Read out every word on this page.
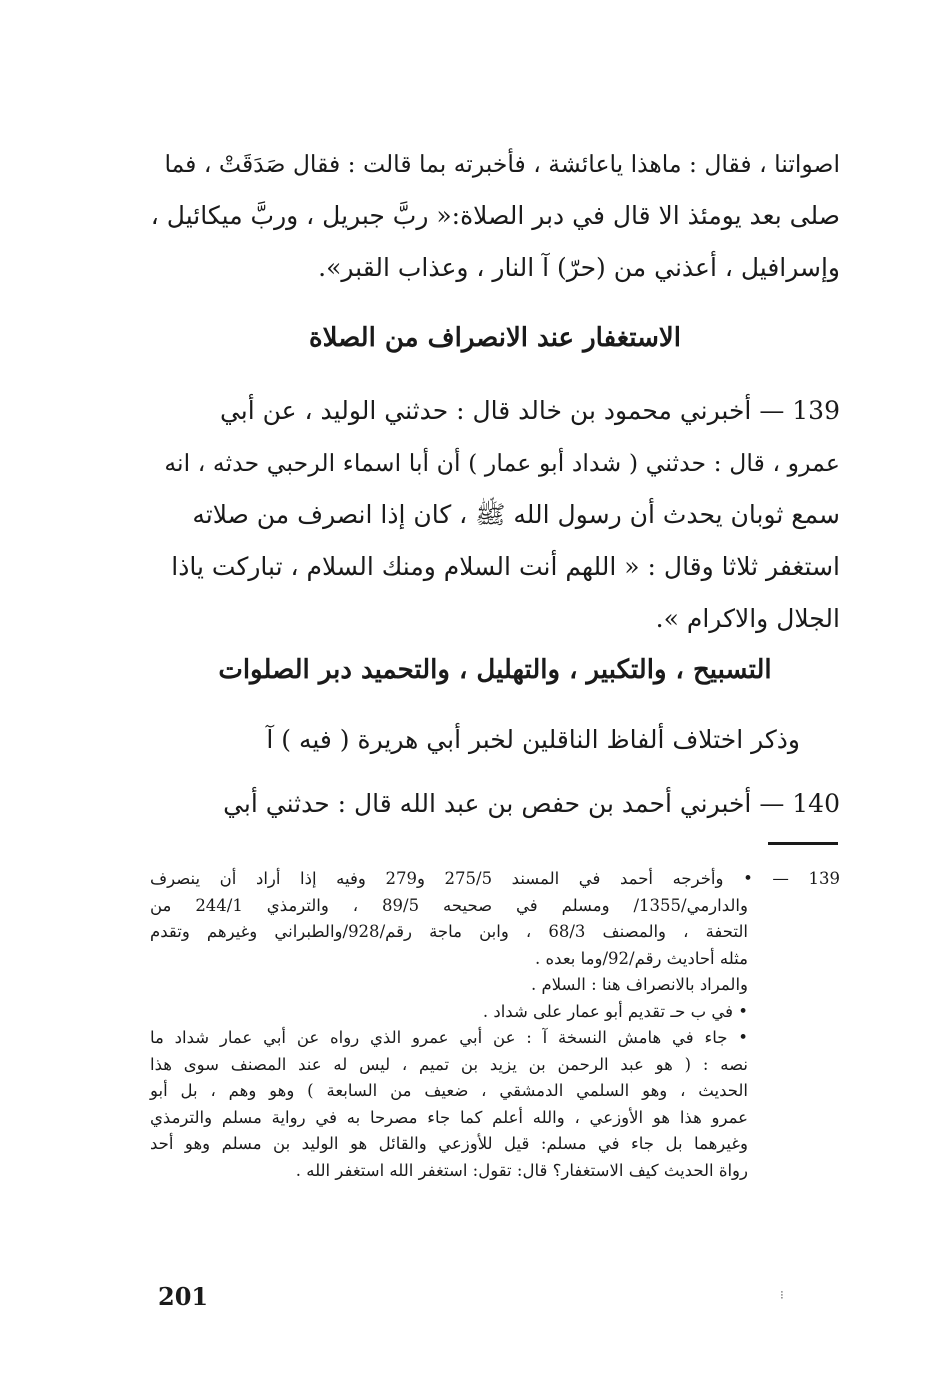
اصواتنا ، فقال : ماهذا ياعائشة ، فأخبرته بما قالت : فقال صَدَقَتْ ، فما
صلى بعد يومئذ الا قال في دبر الصلاة:« ربَّ جبريل ، وربَّ ميكائيل ،
وإسرافيل ، أعذني من (حرّ) آ النار ، وعذاب القبر».
الاستغفار عند الانصراف من الصلاة
139 — أخبرني محمود بن خالد قال : حدثني الوليد ، عن أبي
عمرو ، قال : حدثني ( شداد أبو عمار ) أن أبا اسماء الرحبي حدثه ، انه
سمع ثوبان يحدث أن رسول الله ﷺ ، كان إذا انصرف من صلاته
استغفر ثلاثا وقال : « اللهم أنت السلام ومنك السلام ، تباركت ياذا
الجلال والاكرام ».
التسبيح ، والتكبير ، والتهليل ، والتحميد دبر الصلوات
وذكر اختلاف ألفاظ الناقلين لخبر أبي هريرة ( فيه ) آ
140 — أخبرني أحمد بن حفص بن عبد الله قال : حدثني أبي
139 — • وأخرجه أحمد في المسند 275/5 و279 وفيه إذا أراد أن ينصرف
والدارمي/1355/ ومسلم في صحيحه 89/5 ، والترمذي 244/1 من
التحفة ، والمصنف 68/3 ، وابن ماجة رقم/928/والطبراني وغيرهم وتقدم
مثله أحاديث رقم/92/وما بعده .
والمراد بالانصراف هنا : السلام .
• في ب حـ تقديم أبو عمار على شداد .
• جاء في هامش النسخة آ : عن أبي عمرو الذي رواه عن أبي عمار شداد ما
نصه : ( هو عبد الرحمن بن يزيد بن تميم ، ليس له عند المصنف سوى هذا
الحديث ، وهو السلمي الدمشقي ، ضعيف من السابعة ) وهو وهم ، بل أبو
عمرو هذا هو الأوزعي ، والله أعلم كما جاء مصرحا به في رواية مسلم والترمذي
وغيرهما بل جاء في مسلم: قيل للأوزعي والقائل هو الوليد بن مسلم وهو أحد
رواة الحديث كيف الاستغفار؟ قال: تقول: استغفر الله استغفر الله .
201	⁝
